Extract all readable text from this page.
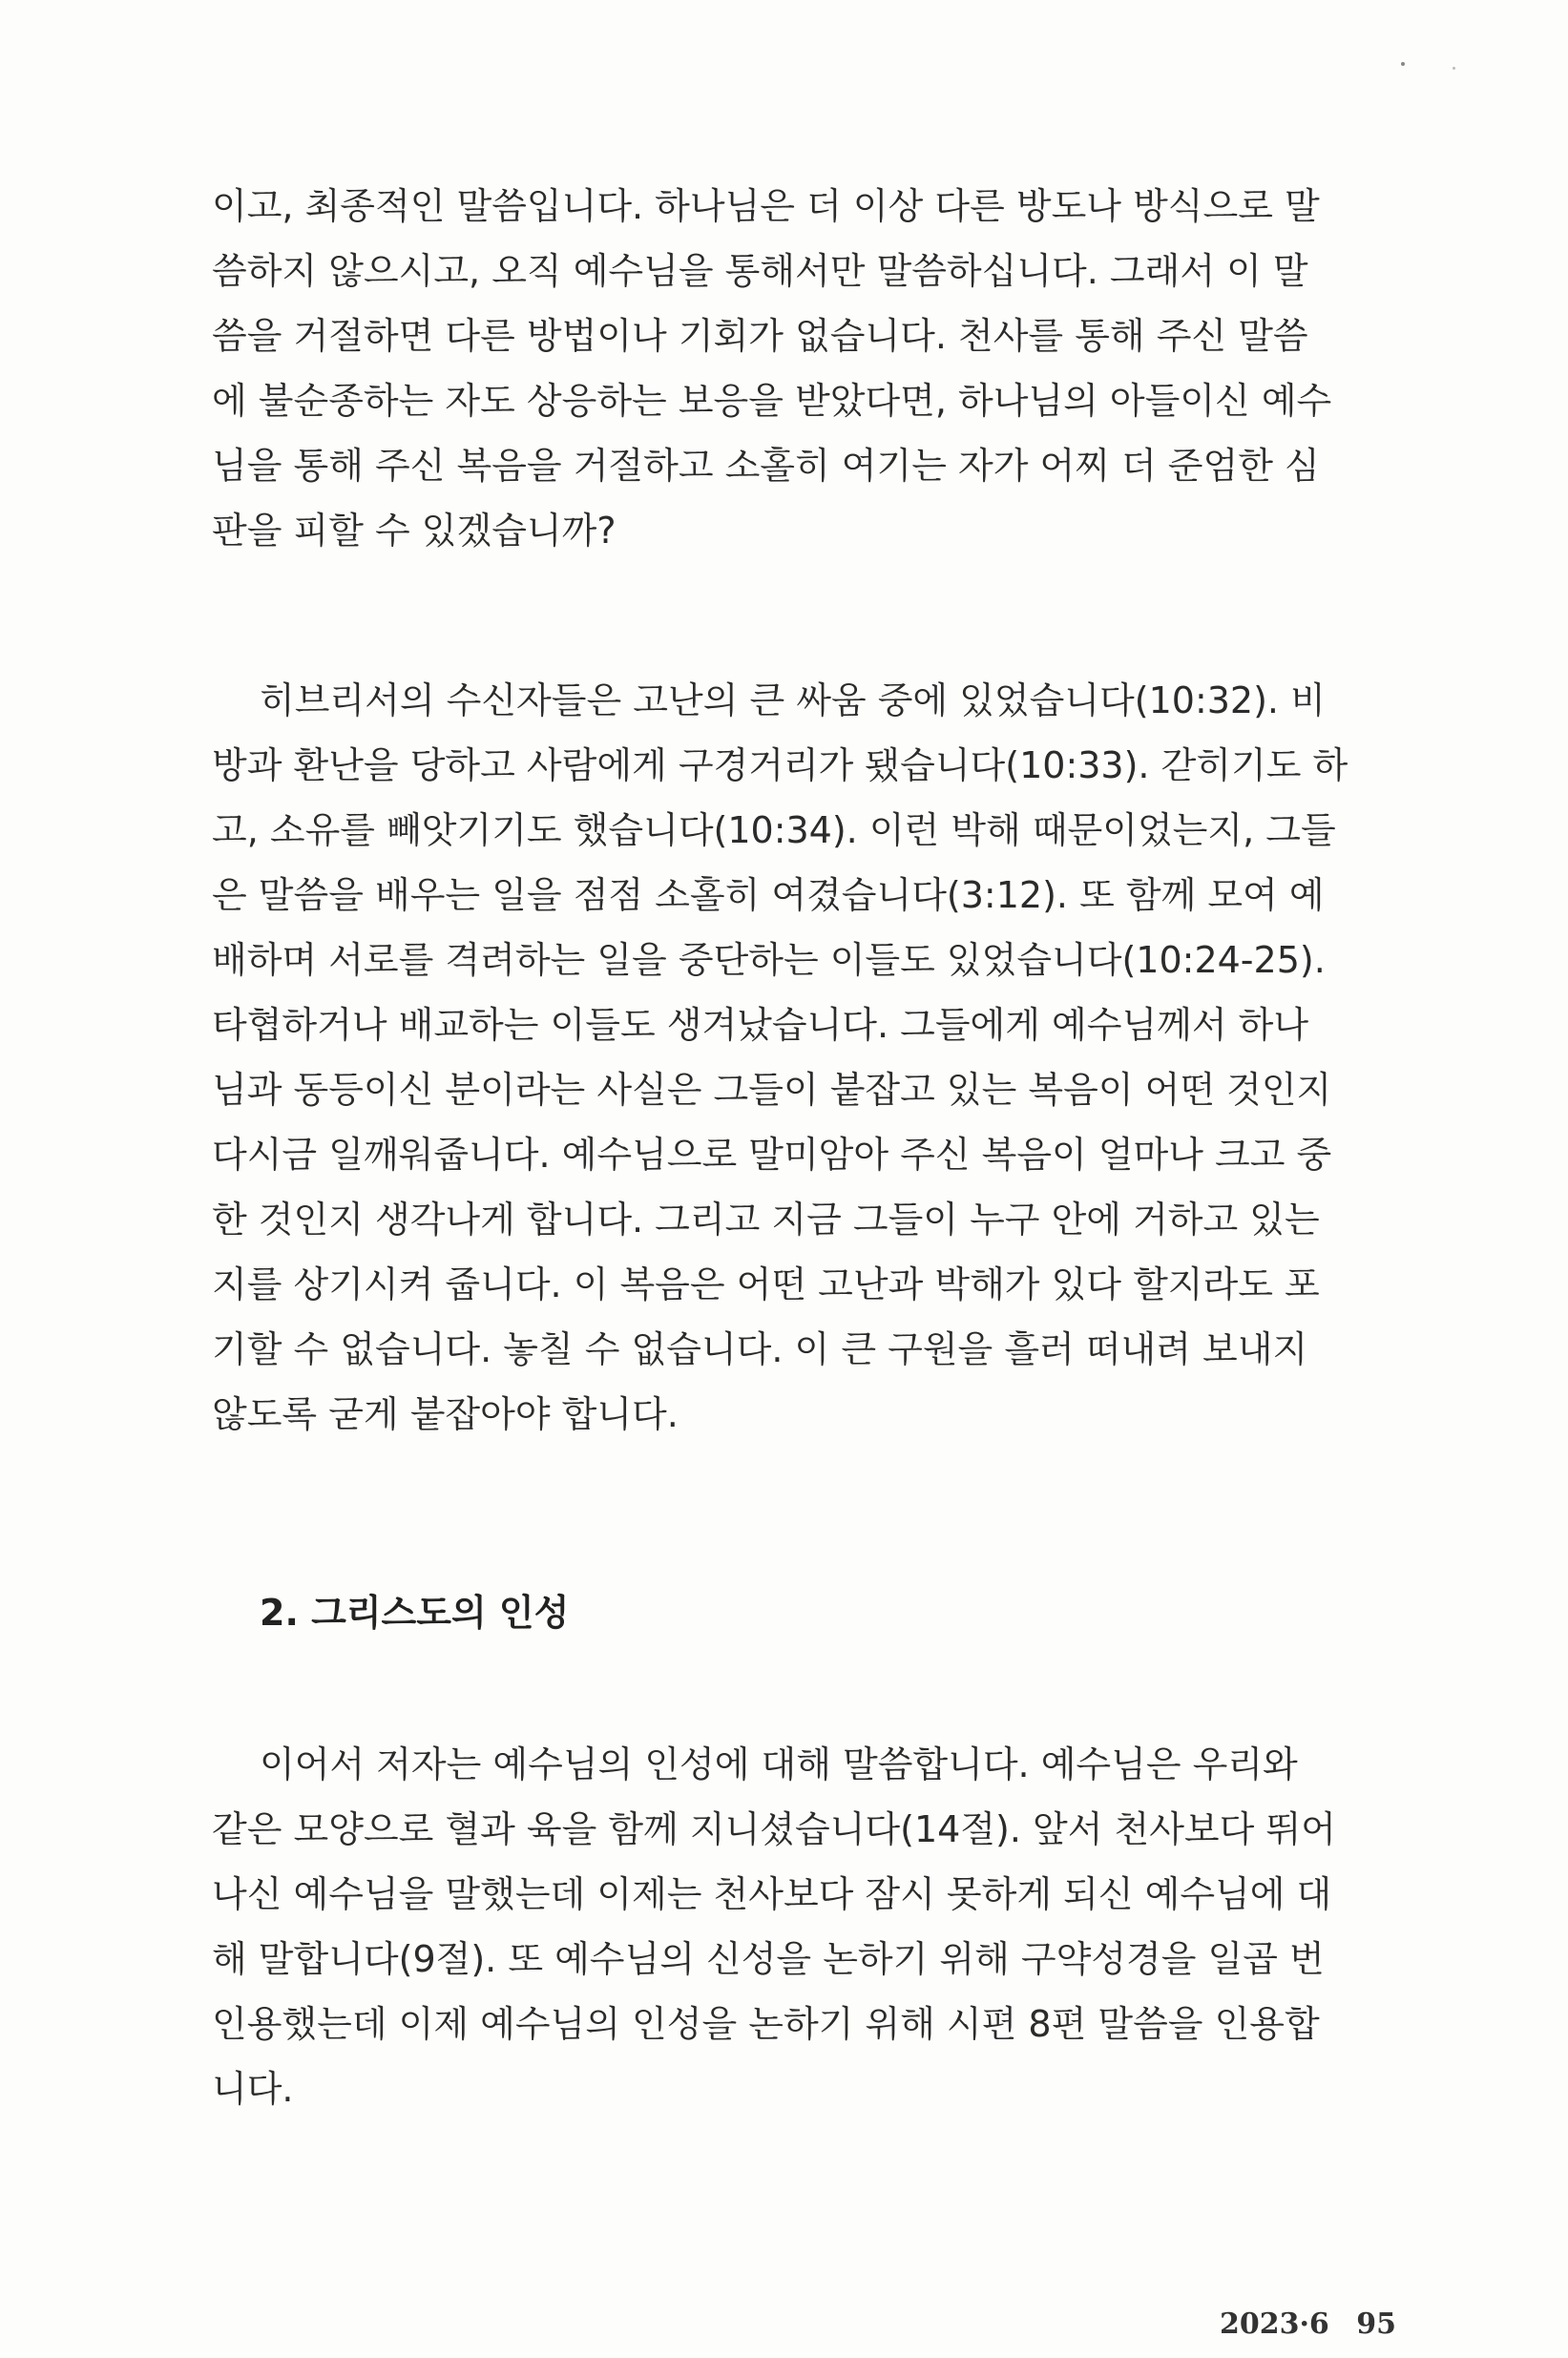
이고, 최종적인 말씀입니다. 하나님은 더 이상 다른 방도나 방식으로 말
씀하지 않으시고, 오직 예수님을 통해서만 말씀하십니다. 그래서 이 말
씀을 거절하면 다른 방법이나 기회가 없습니다. 천사를 통해 주신 말씀
에 불순종하는 자도 상응하는 보응을 받았다면, 하나님의 아들이신 예수
님을 통해 주신 복음을 거절하고 소홀히 여기는 자가 어찌 더 준엄한 심
판을 피할 수 있겠습니까?
히브리서의 수신자들은 고난의 큰 싸움 중에 있었습니다(10:32). 비
방과 환난을 당하고 사람에게 구경거리가 됐습니다(10:33). 갇히기도 하
고, 소유를 빼앗기기도 했습니다(10:34). 이런 박해 때문이었는지, 그들
은 말씀을 배우는 일을 점점 소홀히 여겼습니다(3:12). 또 함께 모여 예
배하며 서로를 격려하는 일을 중단하는 이들도 있었습니다(10:24-25).
타협하거나 배교하는 이들도 생겨났습니다. 그들에게 예수님께서 하나
님과 동등이신 분이라는 사실은 그들이 붙잡고 있는 복음이 어떤 것인지
다시금 일깨워줍니다. 예수님으로 말미암아 주신 복음이 얼마나 크고 중
한 것인지 생각나게 합니다. 그리고 지금 그들이 누구 안에 거하고 있는
지를 상기시켜 줍니다. 이 복음은 어떤 고난과 박해가 있다 할지라도 포
기할 수 없습니다. 놓칠 수 없습니다. 이 큰 구원을 흘러 떠내려 보내지
않도록 굳게 붙잡아야 합니다.
2. 그리스도의 인성
이어서 저자는 예수님의 인성에 대해 말씀합니다. 예수님은 우리와
같은 모양으로 혈과 육을 함께 지니셨습니다(14절). 앞서 천사보다 뛰어
나신 예수님을 말했는데 이제는 천사보다 잠시 못하게 되신 예수님에 대
해 말합니다(9절). 또 예수님의 신성을 논하기 위해 구약성경을 일곱 번
인용했는데 이제 예수님의 인성을 논하기 위해 시편 8편 말씀을 인용합
니다.
2023·6 95
